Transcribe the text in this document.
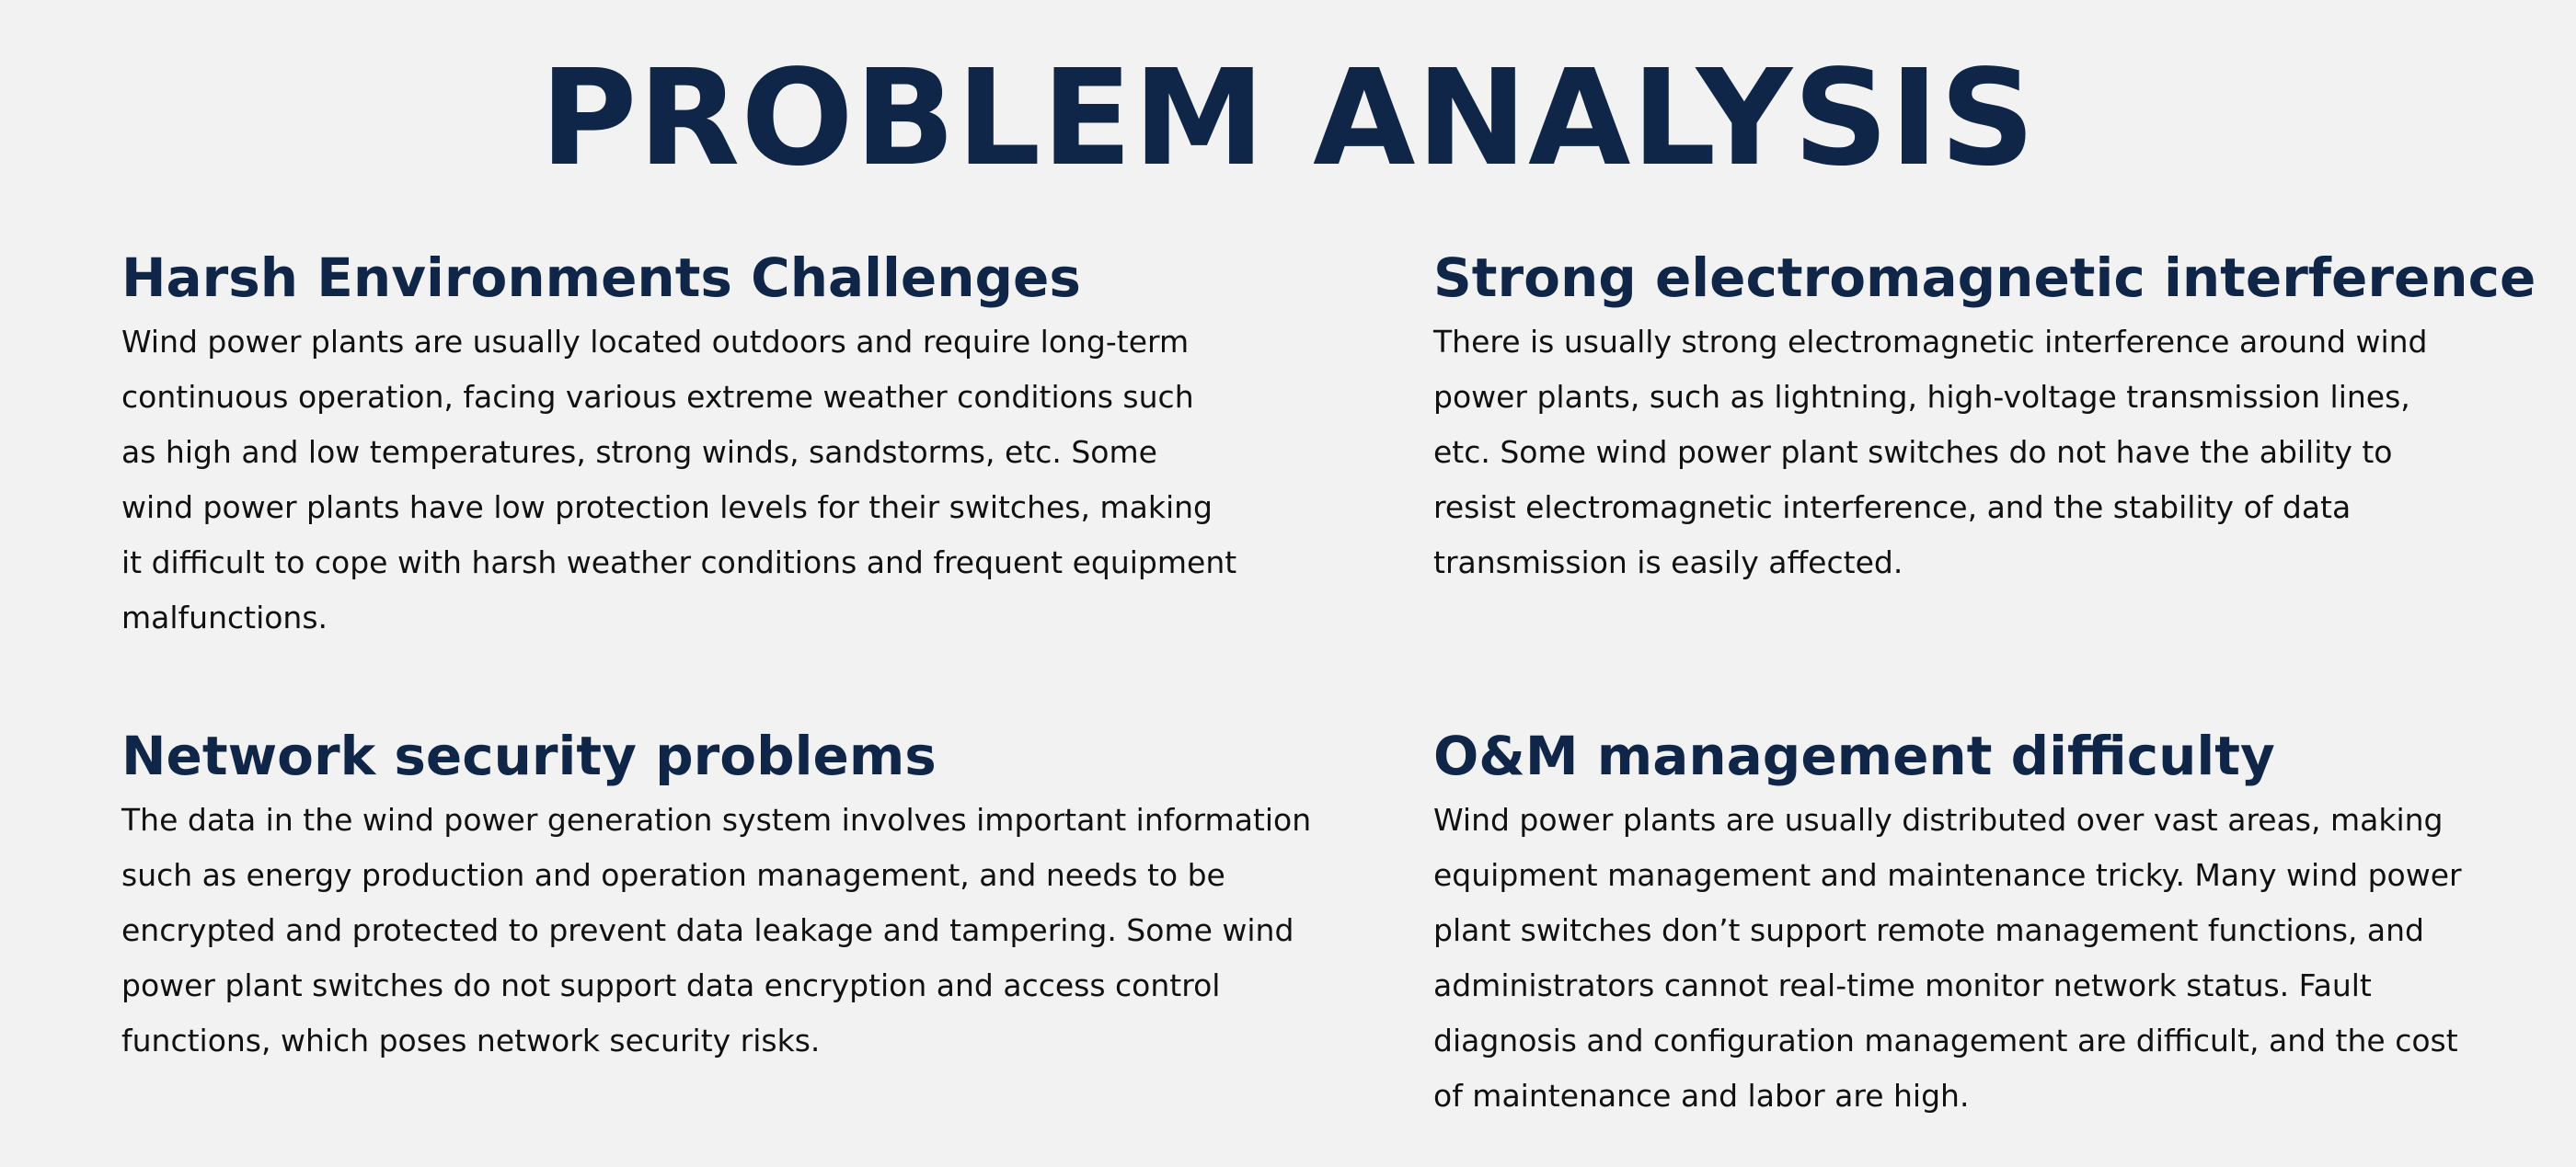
PROBLEM ANALYSIS
Harsh Environments Challenges

Wind power plants are usually located outdoors and require long-term
continuous operation, facing various extreme weather conditions such
as high and low temperatures, strong winds, sandstorms, etc. Some
wind power plants have low protection levels for their switches, making
it difficult to cope with harsh weather conditions and frequent equipment
malfunctions.

Strong electromagnetic interference

There is usually strong electromagnetic interference around wind
power plants, such as lightning, high-voltage transmission lines,
etc. Some wind power plant switches do not have the ability to
resist electromagnetic interference, and the stability of data
transmission is easily affected.

Network security problems

The data in the wind power generation system involves important information
such as energy production and operation management, and needs to be
encrypted and protected to prevent data leakage and tampering. Some wind
power plant switches do not support data encryption and access control
functions, which poses network security risks.

O&M management difficulty

Wind power plants are usually distributed over vast areas, making
equipment management and maintenance tricky. Many wind power
plant switches don’t support remote management functions, and
administrators cannot real-time monitor network status. Fault
diagnosis and configuration management are difficult, and the cost
of maintenance and labor are high.
